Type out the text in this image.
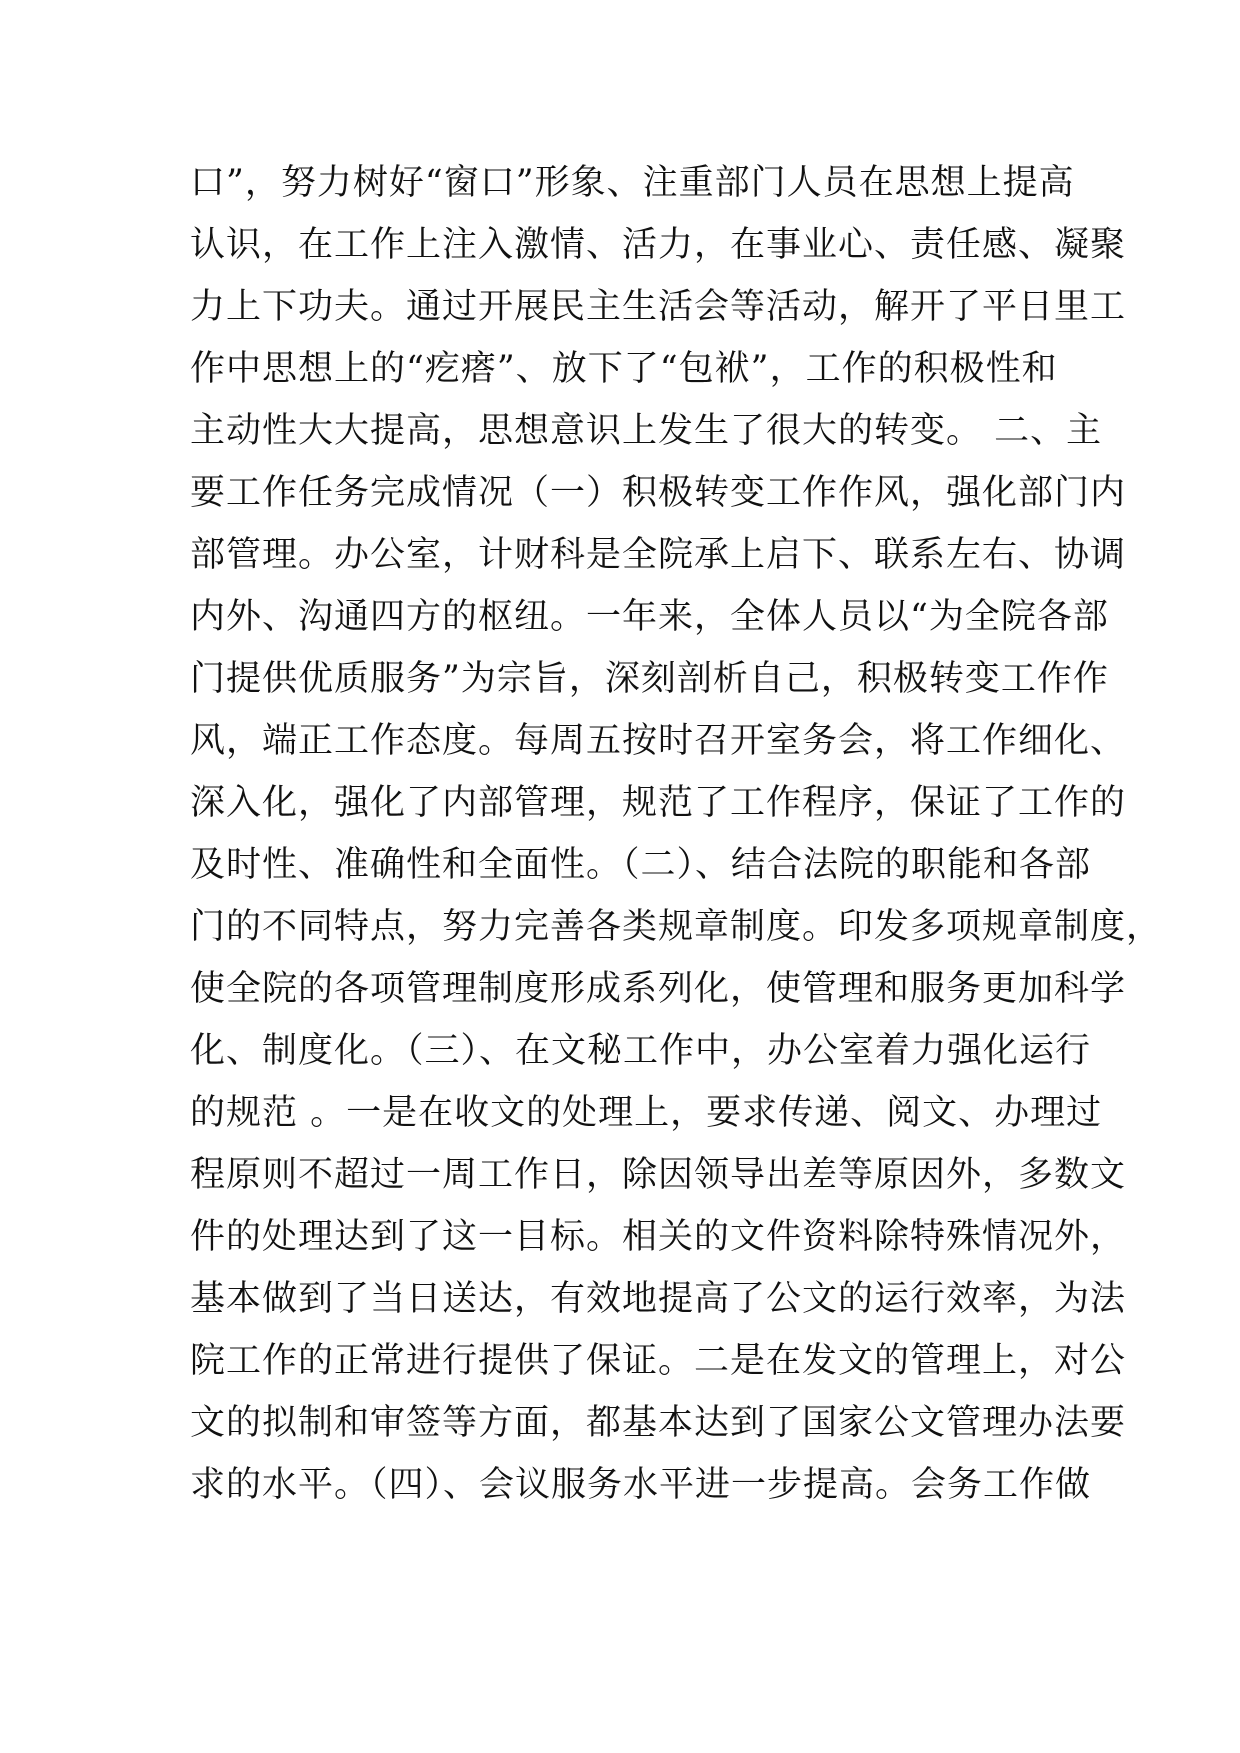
口”，努力树好“窗口”形象、注重部门人员在思想上提高
认识，在工作上注入激情、活力，在事业心、责任感、凝聚
力上下功夫。通过开展民主生活会等活动，解开了平日里工
作中思想上的“疙瘩”、放下了“包袱”，工作的积极性和
主动性大大提高，思想意识上发生了很大的转变。 二、主
要工作任务完成情况（一）积极转变工作作风，强化部门内
部管理。办公室，计财科是全院承上启下、联系左右、协调
内外、沟通四方的枢纽。一年来，全体人员以“为全院各部
门提供优质服务”为宗旨，深刻剖析自己，积极转变工作作
风，端正工作态度。每周五按时召开室务会，将工作细化、
深入化，强化了内部管理，规范了工作程序，保证了工作的
及时性、准确性和全面性。（二）、结合法院的职能和各部
门的不同特点，努力完善各类规章制度。印发多项规章制度，
使全院的各项管理制度形成系列化，使管理和服务更加科学
化、制度化。（三）、在文秘工作中，办公室着力强化运行
的规范 。一是在收文的处理上，要求传递、阅文、办理过
程原则不超过一周工作日，除因领导出差等原因外，多数文
件的处理达到了这一目标。相关的文件资料除特殊情况外，
基本做到了当日送达，有效地提高了公文的运行效率，为法
院工作的正常进行提供了保证。二是在发文的管理上，对公
文的拟制和审签等方面，都基本达到了国家公文管理办法要
求的水平。（四）、会议服务水平进一步提高。会务工作做
